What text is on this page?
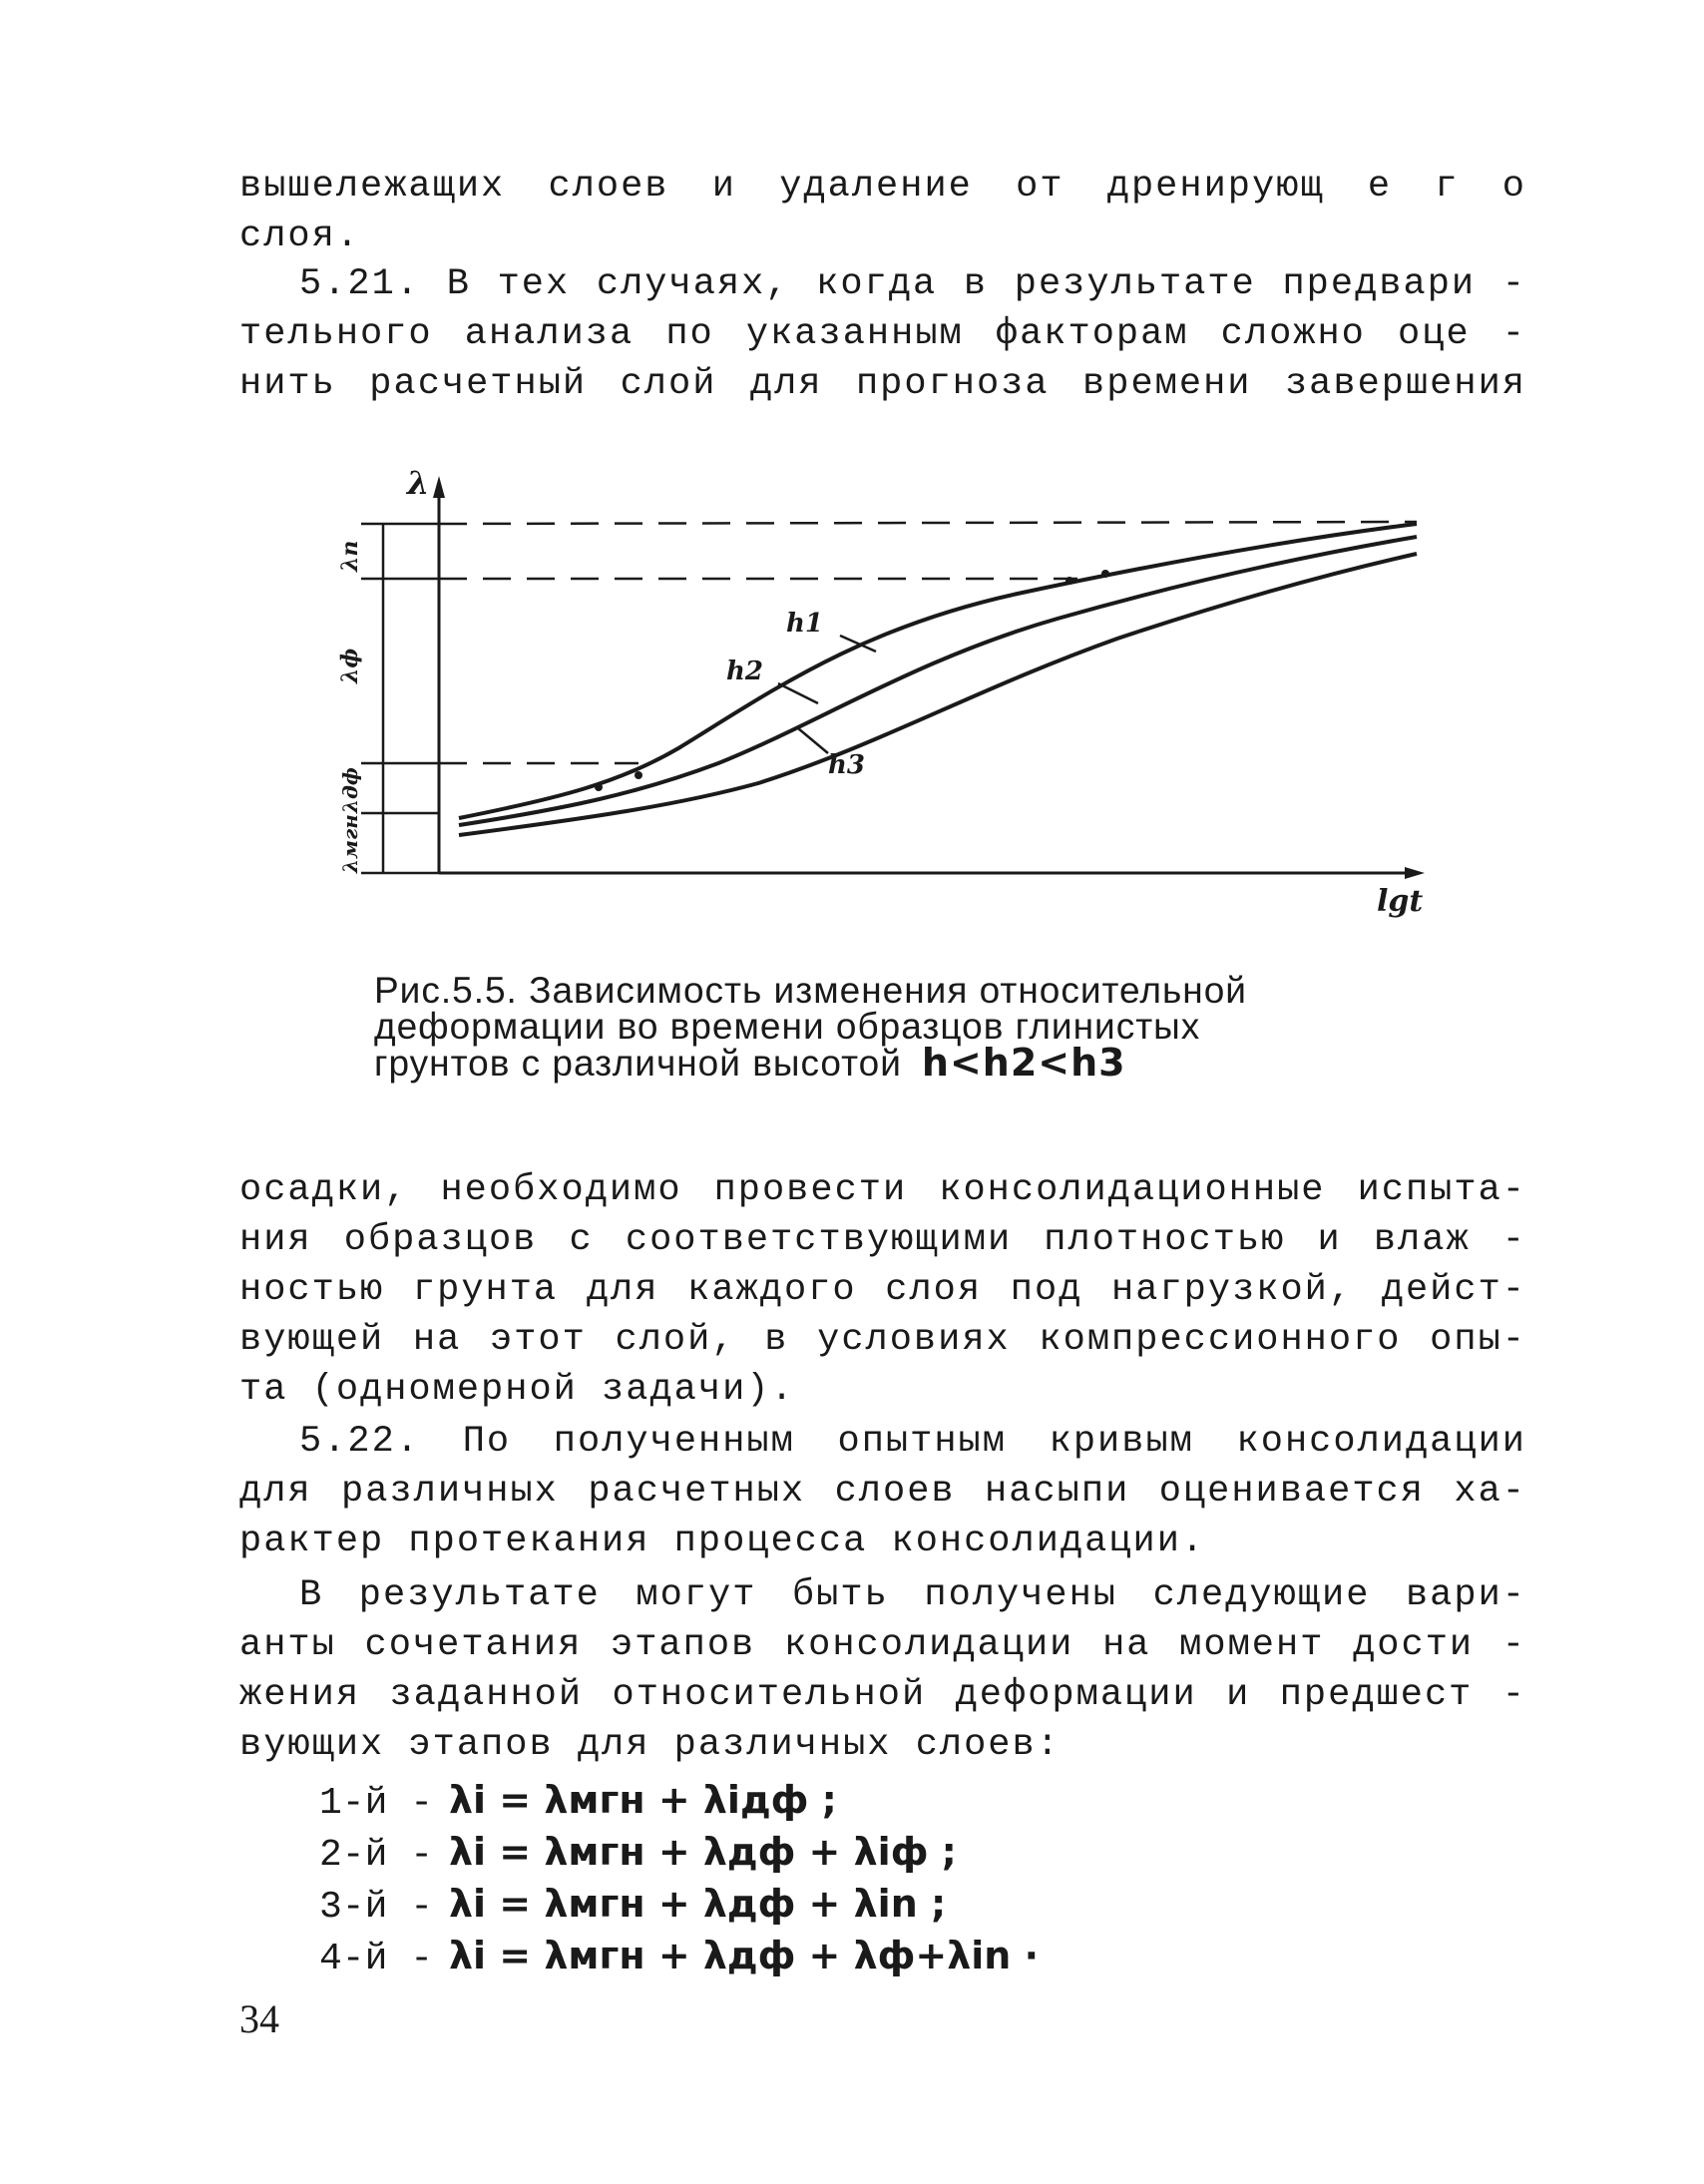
вышележащих слоев и удаление от дренирующ е г о
слоя.
5.21. В тех случаях, когда в результате предвари -
тельного анализа по указанным факторам сложно оце -
нить расчетный слой для прогноза времени завершения
λ
lgt
λп
λф
λдф
λмгн
h1
h2
h3
Рис.5.5. Зависимость изменения относительной
деформации во времени образцов глинистых
грунтов с различной высотой h<h2<h3
осадки, необходимо провести консолидационные испыта-
ния образцов с соответствующими плотностью и влаж -
ностью грунта для каждого слоя под нагрузкой, дейст-
вующей на этот слой, в условиях компрессионного опы-
та (одномерной задачи).
5.22. По полученным опытным кривым консолидации
для различных расчетных слоев насыпи оценивается ха-
рактер протекания процесса консолидации.
В результате могут быть получены следующие вари-
анты сочетания этапов консолидации на момент дости -
жения заданной относительной деформации и предшест -
вующих этапов для различных слоев:
1-й - λi = λмгн + λiдф ;
2-й - λi = λмгн + λдф + λiф ;
3-й - λi = λмгн + λдф + λin ;
4-й - λi = λмгн + λдф + λф+λin ·
34
